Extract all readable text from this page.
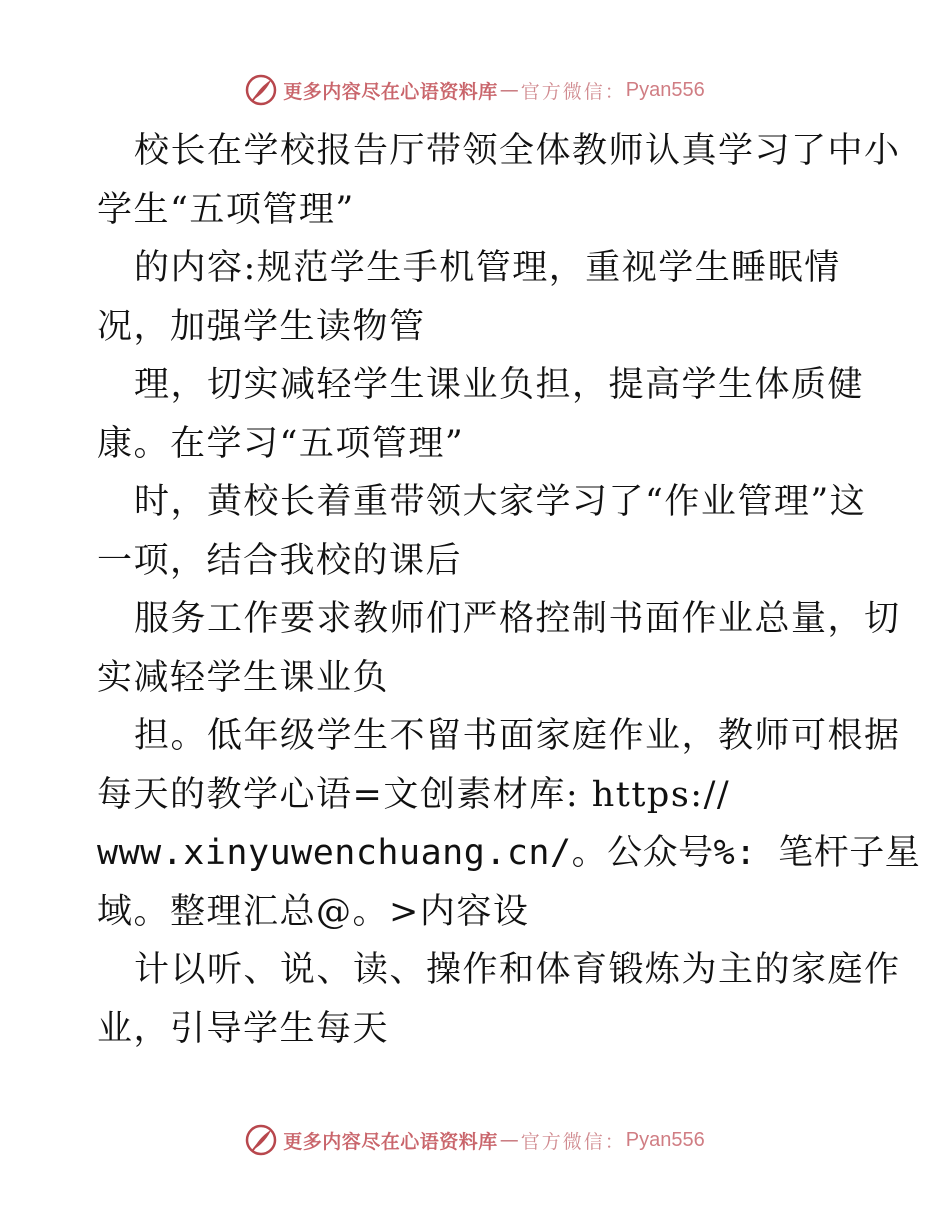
更多内容尽在心语资料库 — 官方微信： Pyan556
校长在学校报告厅带领全体教师认真学习了中小
学生“五项管理”
的内容:规范学生手机管理，重视学生睡眠情
况，加强学生读物管
理，切实减轻学生课业负担，提高学生体质健
康。在学习“五项管理”
时，黄校长着重带领大家学习了“作业管理”这
一项，结合我校的课后
服务工作要求教师们严格控制书面作业总量，切
实减轻学生课业负
担。低年级学生不留书面家庭作业，教师可根据
每天的教学心语=文创素材库: https://
www.xinyuwenchuang.cn/。公众号%: 笔杆子星
域。整理汇总@。>内容设
计以听、说、读、操作和体育锻炼为主的家庭作
业，引导学生每天
更多内容尽在心语资料库 — 官方微信： Pyan556
